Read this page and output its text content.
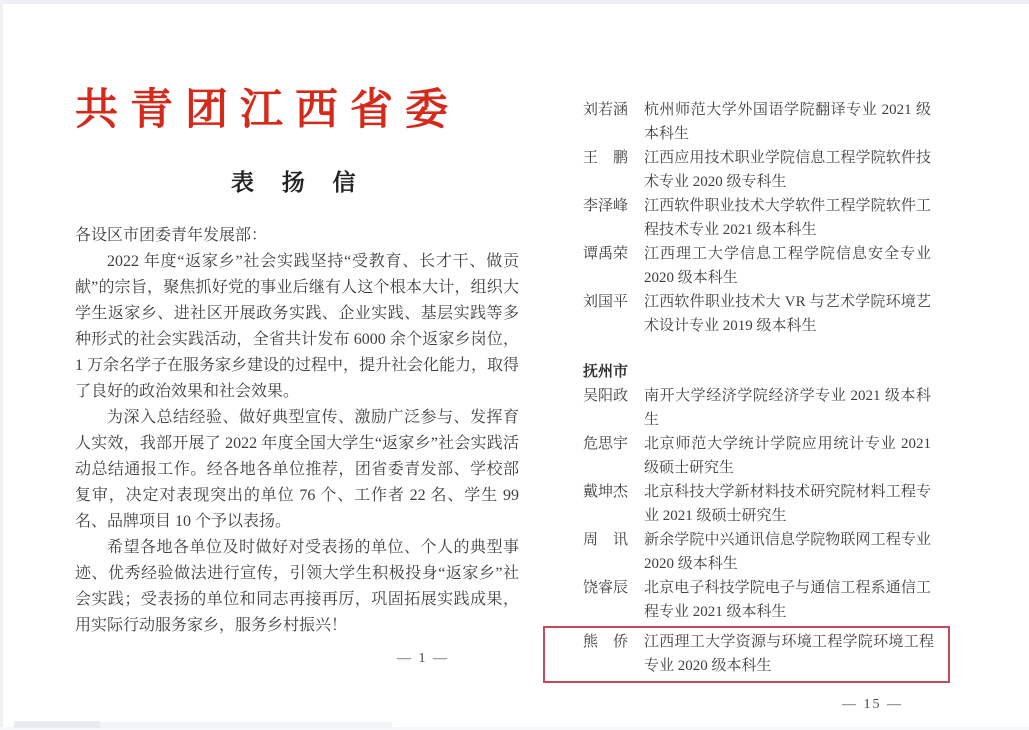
共青团江西省委
表 扬 信

各设区市团委青年发展部：

2022 年度“返家乡”社会实践坚持“受教育、长才干、做贡献”的宗旨，聚焦抓好党的事业后继有人这个根本大计，组织大学生返家乡、进社区开展政务实践、企业实践、基层实践等多种形式的社会实践活动，全省共计发布 6000 余个返家乡岗位，1 万余名学子在服务家乡建设的过程中，提升社会化能力，取得了良好的政治效果和社会效果。

为深入总结经验、做好典型宣传、激励广泛参与、发挥育人实效，我部开展了 2022 年度全国大学生“返家乡”社会实践活动总结通报工作。经各地各单位推荐，团省委青发部、学校部复审，决定对表现突出的单位 76 个、工作者 22 名、学生 99 名、品牌项目 10 个予以表扬。

希望各地各单位及时做好对受表扬的单位、个人的典型事迹、优秀经验做法进行宣传，引领大学生积极投身“返家乡”社会实践；受表扬的单位和同志再接再厉，巩固拓展实践成果，用实际行动服务家乡，服务乡村振兴！

— 1 —
刘若涵 杭州师范大学外国语学院翻译专业 2021 级本科生
王　鹏 江西应用技术职业学院信息工程学院软件技术专业 2020 级专科生
李泽峰 江西软件职业技术大学软件工程学院软件工程技术专业 2021 级本科生
谭禹荣 江西理工大学信息工程学院信息安全专业 2020 级本科生
刘国平 江西软件职业技术大 VR 与艺术学院环境艺术设计专业 2019 级本科生
抚州市
吴阳政 南开大学经济学院经济学专业 2021 级本科生
危思宇 北京师范大学统计学院应用统计专业 2021 级硕士研究生
戴坤杰 北京科技大学新材料技术研究院材料工程专业 2021 级硕士研究生
周　讯 新余学院中兴通讯信息学院物联网工程专业 2020 级本科生
饶睿辰 北京电子科技学院电子与通信工程系通信工程专业 2021 级本科生
熊　侨 江西理工大学资源与环境工程学院环境工程专业 2020 级本科生
— 15 —
